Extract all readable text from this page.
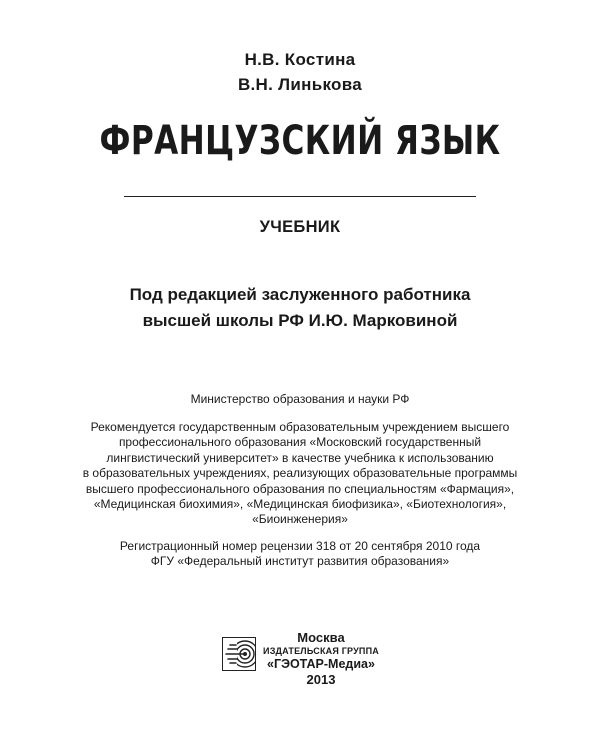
Н.В. Костина
В.Н. Линькова
ФРАНЦУЗСКИЙ ЯЗЫК
УЧЕБНИК
Под редакцией заслуженного работника
высшей школы РФ И.Ю. Марковиной
Министерство образования и науки РФ
Рекомендуется государственным образовательным учреждением высшего
профессионального образования «Московский государственный
лингвистический университет» в качестве учебника к использованию
в образовательных учреждениях, реализующих образовательные программы
высшего профессионального образования по специальностям «Фармация»,
«Медицинская биохимия», «Медицинская биофизика», «Биотехнология»,
«Биоинженерия»
Регистрационный номер рецензии 318 от 20 сентября 2010 года
ФГУ «Федеральный институт развития образования»
Москва
ИЗДАТЕЛЬСКАЯ ГРУППА
«ГЭОТАР-Медиа»
2013
